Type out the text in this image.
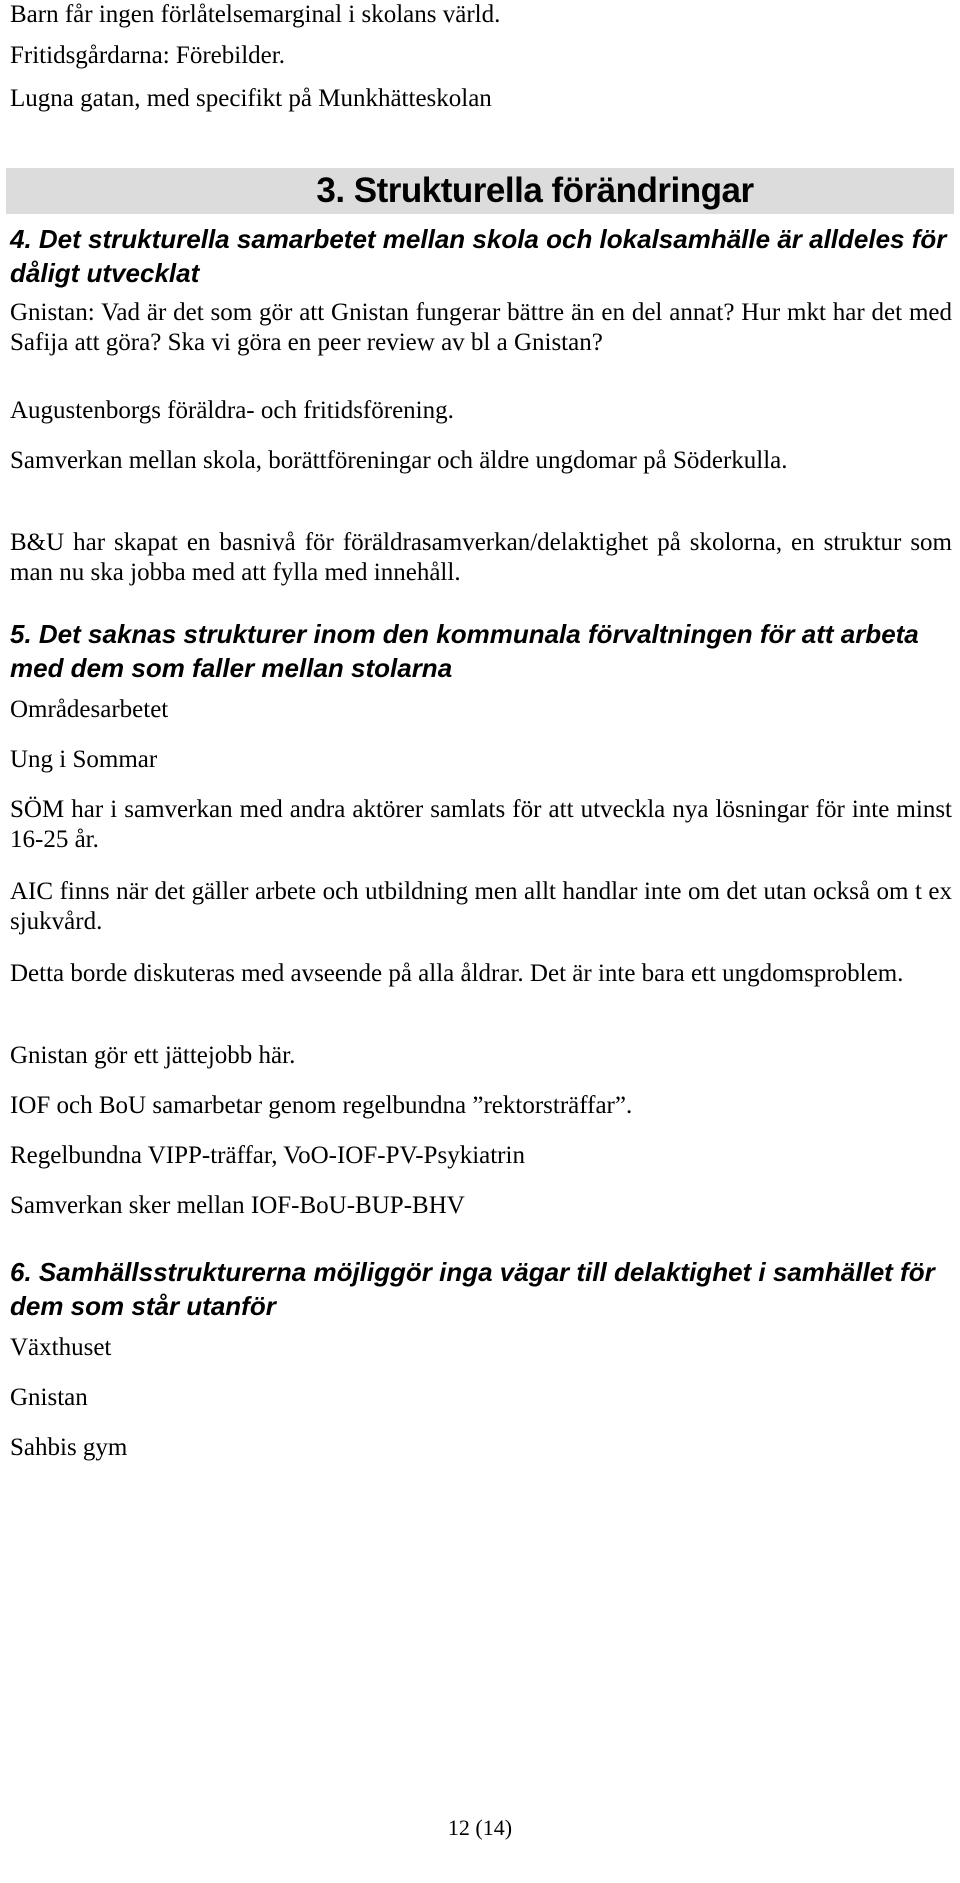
Barn får ingen förlåtelsemarginal i skolans värld.
Fritidsgårdarna: Förebilder.
Lugna gatan, med specifikt på Munkhätteskolan
3. Strukturella förändringar
4. Det strukturella samarbetet mellan skola och lokalsamhälle är alldeles för dåligt utvecklat
Gnistan: Vad är det som gör att Gnistan fungerar bättre än en del annat? Hur mkt har det med Safija att göra? Ska vi göra en peer review av bl a Gnistan?
Augustenborgs föräldra- och fritidsförening.
Samverkan mellan skola, borättföreningar och äldre ungdomar på Söderkulla.
B&U har skapat en basnivå för föräldrasamverkan/delaktighet på skolorna, en struktur som man nu ska jobba med att fylla med innehåll.
5. Det saknas strukturer inom den kommunala förvaltningen för att arbeta med dem som faller mellan stolarna
Områdesarbetet
Ung i Sommar
SÖM har i samverkan med andra aktörer samlats för att utveckla nya lösningar för inte minst 16-25 år.
AIC finns när det gäller arbete och utbildning men allt handlar inte om det utan också om t ex sjukvård.
Detta borde diskuteras med avseende på alla åldrar. Det är inte bara ett ungdomsproblem.
Gnistan gör ett jättejobb här.
IOF och BoU samarbetar genom regelbundna ”rektorsträffar”.
Regelbundna VIPP-träffar, VoO-IOF-PV-Psykiatrin
Samverkan sker mellan IOF-BoU-BUP-BHV
6. Samhällsstrukturerna möjliggör inga vägar till delaktighet i samhället för dem som står utanför
Växthuset
Gnistan
Sahbis gym
12 (14)
